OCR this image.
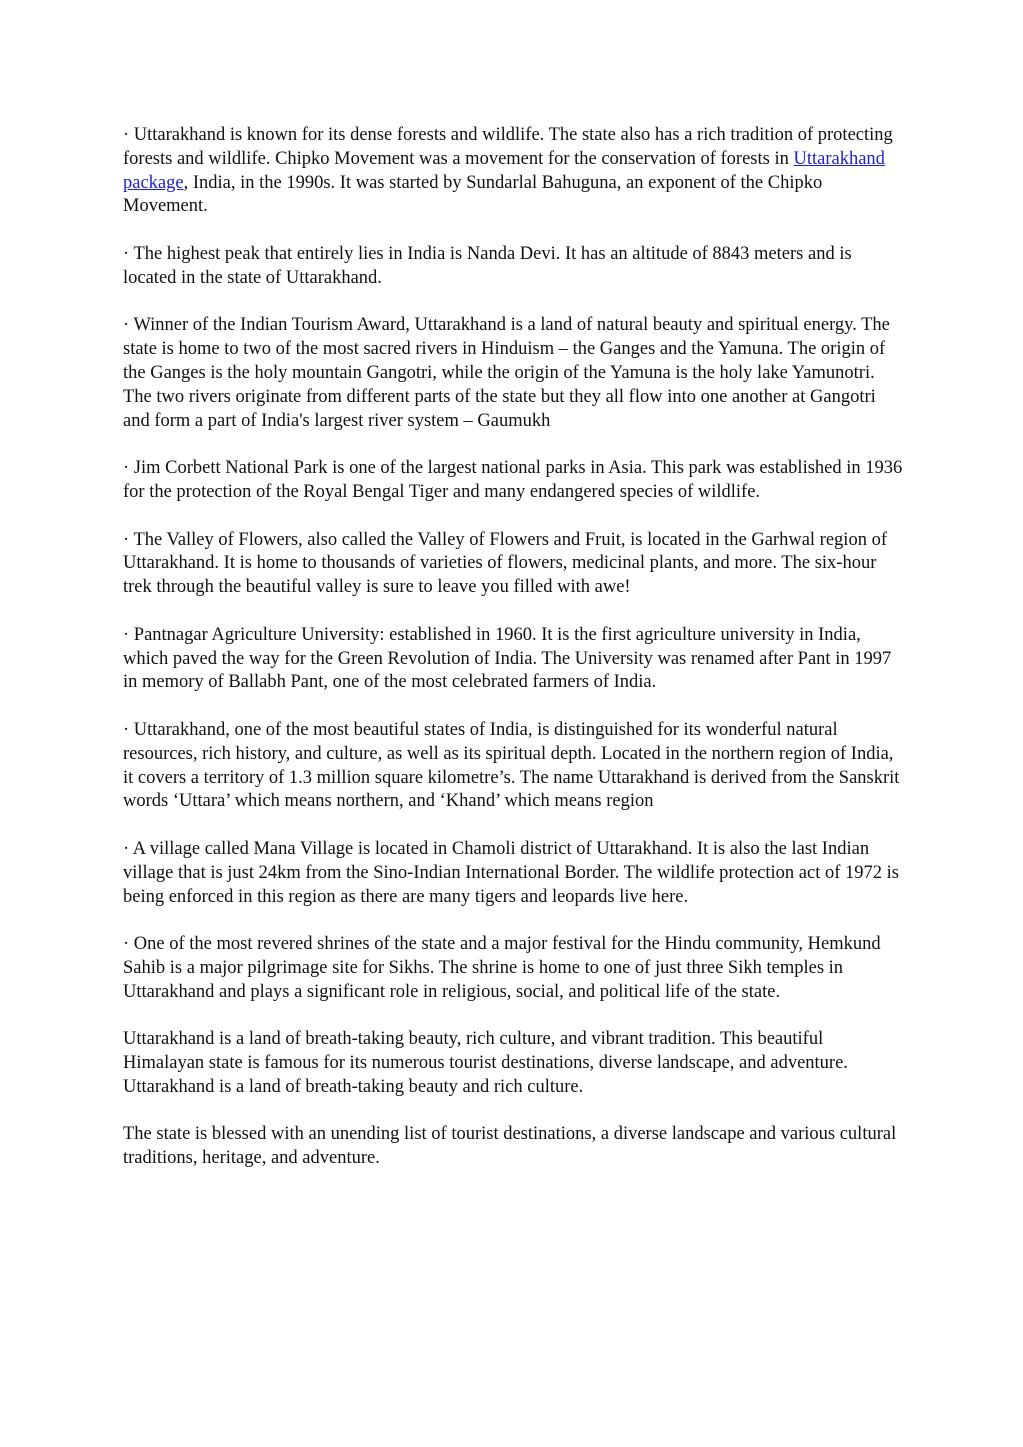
· Uttarakhand is known for its dense forests and wildlife. The state also has a rich tradition of protecting forests and wildlife. Chipko Movement was a movement for the conservation of forests in Uttarakhand package, India, in the 1990s. It was started by Sundarlal Bahuguna, an exponent of the Chipko Movement.

· The highest peak that entirely lies in India is Nanda Devi. It has an altitude of 8843 meters and is located in the state of Uttarakhand.

· Winner of the Indian Tourism Award, Uttarakhand is a land of natural beauty and spiritual energy. The state is home to two of the most sacred rivers in Hinduism – the Ganges and the Yamuna. The origin of the Ganges is the holy mountain Gangotri, while the origin of the Yamuna is the holy lake Yamunotri. The two rivers originate from different parts of the state but they all flow into one another at Gangotri and form a part of India's largest river system – Gaumukh

· Jim Corbett National Park is one of the largest national parks in Asia. This park was established in 1936 for the protection of the Royal Bengal Tiger and many endangered species of wildlife.

· The Valley of Flowers, also called the Valley of Flowers and Fruit, is located in the Garhwal region of Uttarakhand. It is home to thousands of varieties of flowers, medicinal plants, and more. The six-hour trek through the beautiful valley is sure to leave you filled with awe!

· Pantnagar Agriculture University: established in 1960. It is the first agriculture university in India, which paved the way for the Green Revolution of India. The University was renamed after Pant in 1997 in memory of Ballabh Pant, one of the most celebrated farmers of India.

· Uttarakhand, one of the most beautiful states of India, is distinguished for its wonderful natural resources, rich history, and culture, as well as its spiritual depth. Located in the northern region of India, it covers a territory of 1.3 million square kilometre’s. The name Uttarakhand is derived from the Sanskrit words ‘Uttara’ which means northern, and ‘Khand’ which means region

· A village called Mana Village is located in Chamoli district of Uttarakhand. It is also the last Indian village that is just 24km from the Sino-Indian International Border. The wildlife protection act of 1972 is being enforced in this region as there are many tigers and leopards live here.

· One of the most revered shrines of the state and a major festival for the Hindu community, Hemkund Sahib is a major pilgrimage site for Sikhs. The shrine is home to one of just three Sikh temples in Uttarakhand and plays a significant role in religious, social, and political life of the state.

Uttarakhand is a land of breath-taking beauty, rich culture, and vibrant tradition. This beautiful Himalayan state is famous for its numerous tourist destinations, diverse landscape, and adventure. Uttarakhand is a land of breath-taking beauty and rich culture.

The state is blessed with an unending list of tourist destinations, a diverse landscape and various cultural traditions, heritage, and adventure.
